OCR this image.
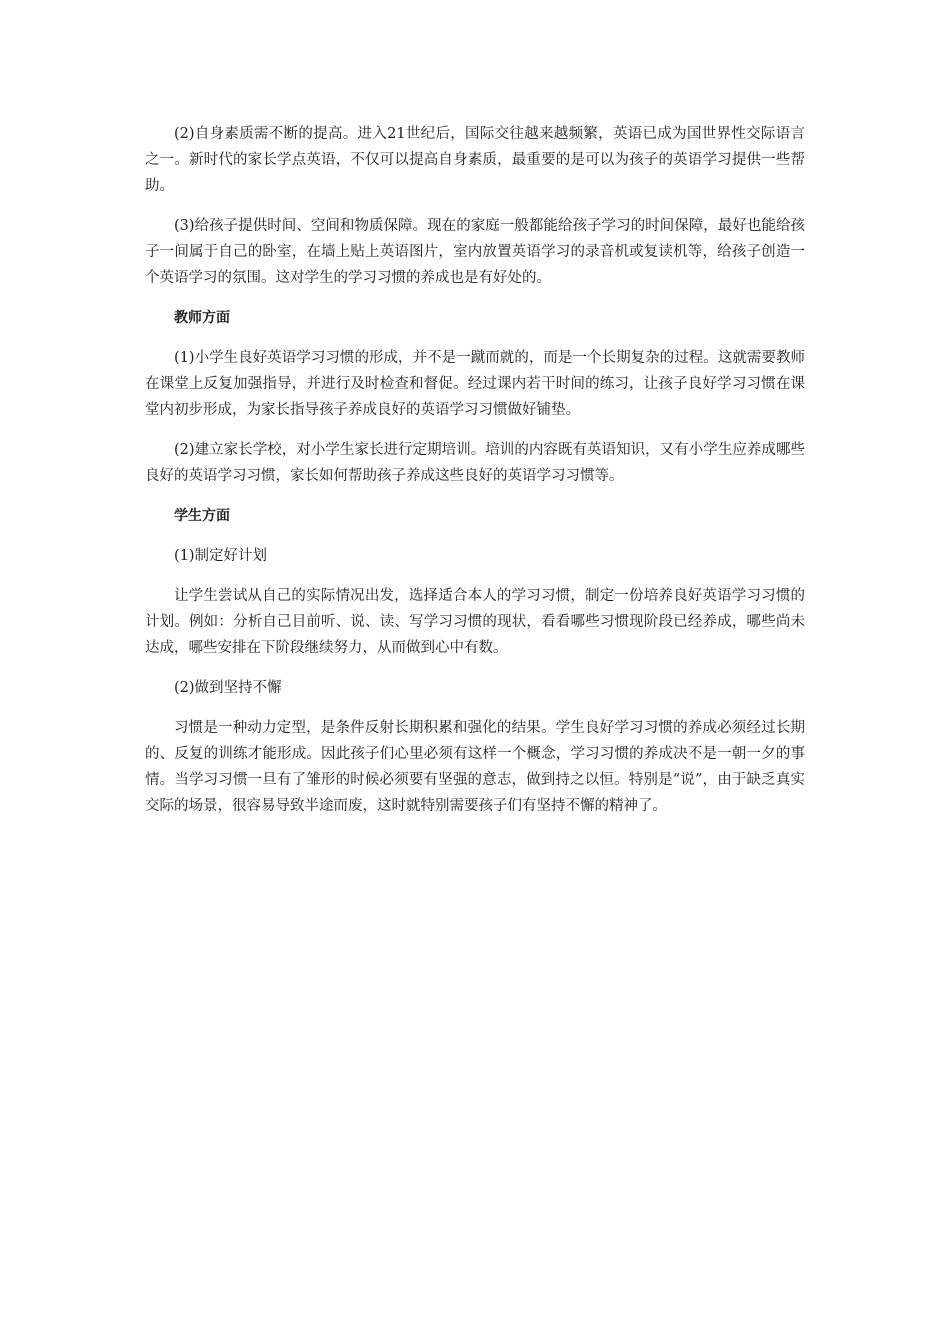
(2)自身素质需不断的提高。进入21世纪后，国际交往越来越频繁，英语已成为国世界性交际语言之一。新时代的家长学点英语，不仅可以提高自身素质，最重要的是可以为孩子的英语学习提供一些帮助。

(3)给孩子提供时间、空间和物质保障。现在的家庭一般都能给孩子学习的时间保障，最好也能给孩子一间属于自己的卧室，在墙上贴上英语图片，室内放置英语学习的录音机或复读机等，给孩子创造一个英语学习的氛围。这对学生的学习习惯的养成也是有好处的。

教师方面

(1)小学生良好英语学习习惯的形成，并不是一蹴而就的，而是一个长期复杂的过程。这就需要教师在课堂上反复加强指导，并进行及时检查和督促。经过课内若干时间的练习，让孩子良好学习习惯在课堂内初步形成，为家长指导孩子养成良好的英语学习习惯做好铺垫。

(2)建立家长学校，对小学生家长进行定期培训。培训的内容既有英语知识，又有小学生应养成哪些良好的英语学习习惯，家长如何帮助孩子养成这些良好的英语学习习惯等。

学生方面

(1)制定好计划

让学生尝试从自己的实际情况出发，选择适合本人的学习习惯，制定一份培养良好英语学习习惯的计划。例如：分析自己目前听、说、读、写学习习惯的现状，看看哪些习惯现阶段已经养成，哪些尚未达成，哪些安排在下阶段继续努力，从而做到心中有数。

(2)做到坚持不懈

习惯是一种动力定型，是条件反射长期积累和强化的结果。学生良好学习习惯的养成必须经过长期的、反复的训练才能形成。因此孩子们心里必须有这样一个概念，学习习惯的养成决不是一朝一夕的事情。当学习习惯一旦有了雏形的时候必须要有坚强的意志，做到持之以恒。特别是“说”，由于缺乏真实交际的场景，很容易导致半途而废，这时就特别需要孩子们有坚持不懈的精神了。
